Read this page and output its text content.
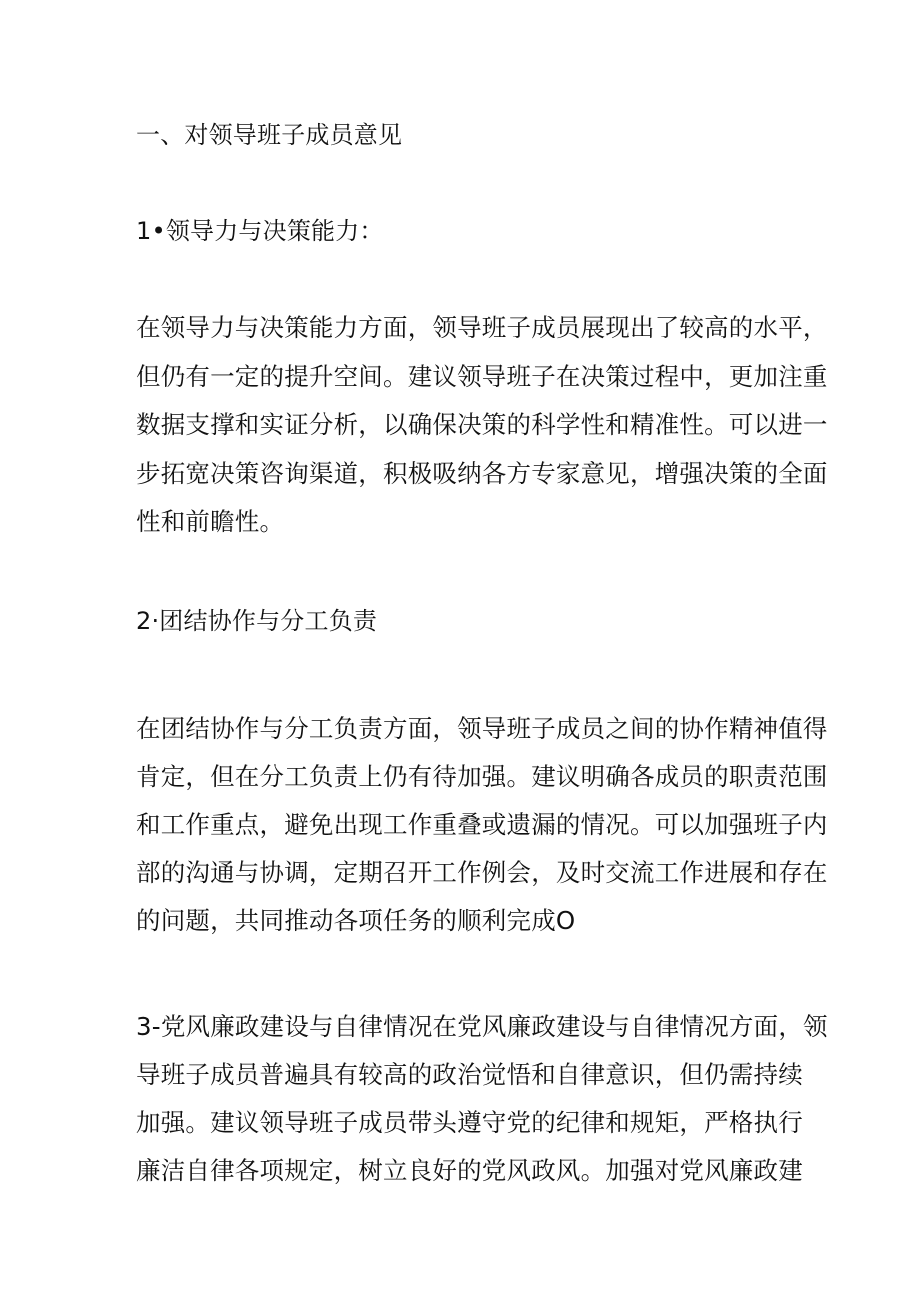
一、对领导班子成员意见

1•领导力与决策能力：

在领导力与决策能力方面，领导班子成员展现出了较高的水平，

但仍有一定的提升空间。建议领导班子在决策过程中，更加注重

数据支撑和实证分析，以确保决策的科学性和精准性。可以进一

步拓宽决策咨询渠道，积极吸纳各方专家意见，增强决策的全面

性和前瞻性。

2·团结协作与分工负责

在团结协作与分工负责方面，领导班子成员之间的协作精神值得

肯定，但在分工负责上仍有待加强。建议明确各成员的职责范围

和工作重点，避免出现工作重叠或遗漏的情况。可以加强班子内

部的沟通与协调，定期召开工作例会，及时交流工作进展和存在

的问题，共同推动各项任务的顺利完成O

3-党风廉政建设与自律情况在党风廉政建设与自律情况方面，领

导班子成员普遍具有较高的政治觉悟和自律意识，但仍需持续

加强。建议领导班子成员带头遵守党的纪律和规矩，严格执行

廉洁自律各项规定，树立良好的党风政风。加强对党风廉政建
